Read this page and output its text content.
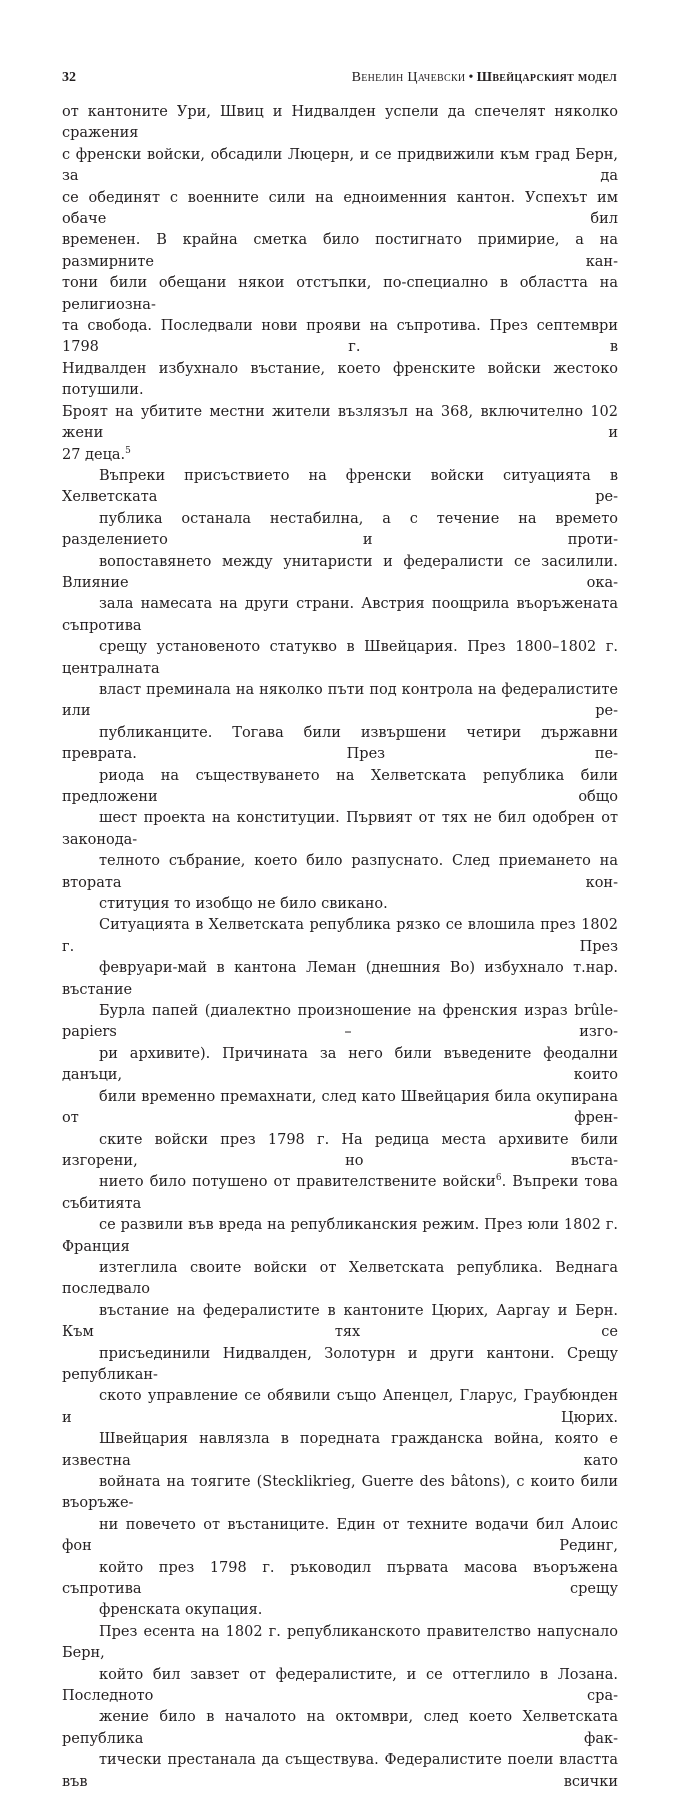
32	Венелин Цачевски • Швейцарският модел

от кантоните Ури, Швиц и Нидвалден успели да спечелят няколко сражения
с френски войски, обсадили Люцерн, и се придвижили към град Берн, за да
се обединят с военните сили на едноименния кантон. Успехът им обаче бил
временен. В крайна сметка било постигнато примирие, а на размирните кан-
тони били обещани някои отстъпки, по-специално в областта на религиозна-
та свобода. Последвали нови прояви на съпротива. През септември 1798 г. в
Нидвалден избухнало въстание, което френските войски жестоко потушили.
Броят на убитите местни жители възлязъл на 368, включително 102 жени и
27 деца.$^5$

Въпреки присъствието на френски войски ситуацията в Хелветската ре-
публика останала нестабилна, а с течение на времето разделението и проти-
вопоставянето между унитаристи и федералисти се засилили. Влияние ока-
зала намесата на други страни. Австрия поощрила въоръжената съпротива
срещу установеното статукво в Швейцария. През 1800–1802 г. централната
власт преминала на няколко пъти под контрола на федералистите или ре-
публиканците. Тогава били извършени четири държавни преврата. През пе-
риода на съществуването на Хелветската република били предложени общо
шест проекта на конституции. Първият от тях не бил одобрен от законода-
телното събрание, което било разпуснато. След приемането на втората кон-
ституция то изобщо не било свикано.

Ситуацията в Хелветската република рязко се влошила през 1802 г. През
февруари-май в кантона Леман (днешния Во) избухнало т.нар. въстание
Бурла папей (диалектно произношение на френския израз brûle-papiers – изго-
ри архивите). Причината за него били въведените феодални данъци, които
били временно премахнати, след като Швейцария била окупирана от френ-
ските войски през 1798 г. На редица места архивите били изгорени, но въста-
нието било потушено от правителствените войски$^6$. Въпреки това събитията
се развили във вреда на републиканския режим. През юли 1802 г. Франция
изтеглила своите войски от Хелветската република. Веднага последвало
въстание на федералистите в кантоните Цюрих, Ааргау и Берн. Към тях се
присъединили Нидвалден, Золотурн и други кантони. Срещу републикан-
ското управление се обявили също Апенцел, Гларус, Граубюнден и Цюрих.
Швейцария навлязла в поредната гражданска война, която е известна като
войната на тоягите (Stecklikrieg, Guerre des bâtons), с които били въоръже-
ни повечето от въстаниците. Един от техните водачи бил Алоис фон Рединг,
който през 1798 г. ръководил първата масова въоръжена съпротива срещу
френската окупация.

През есента на 1802 г. републиканското правителство напуснало Берн,
който бил завзет от федералистите, и се оттеглило в Лозана. Последното сра-
жение било в началото на октомври, след което Хелветската република фак-
тически престанала да съществува. Федералистите поели властта във всички
